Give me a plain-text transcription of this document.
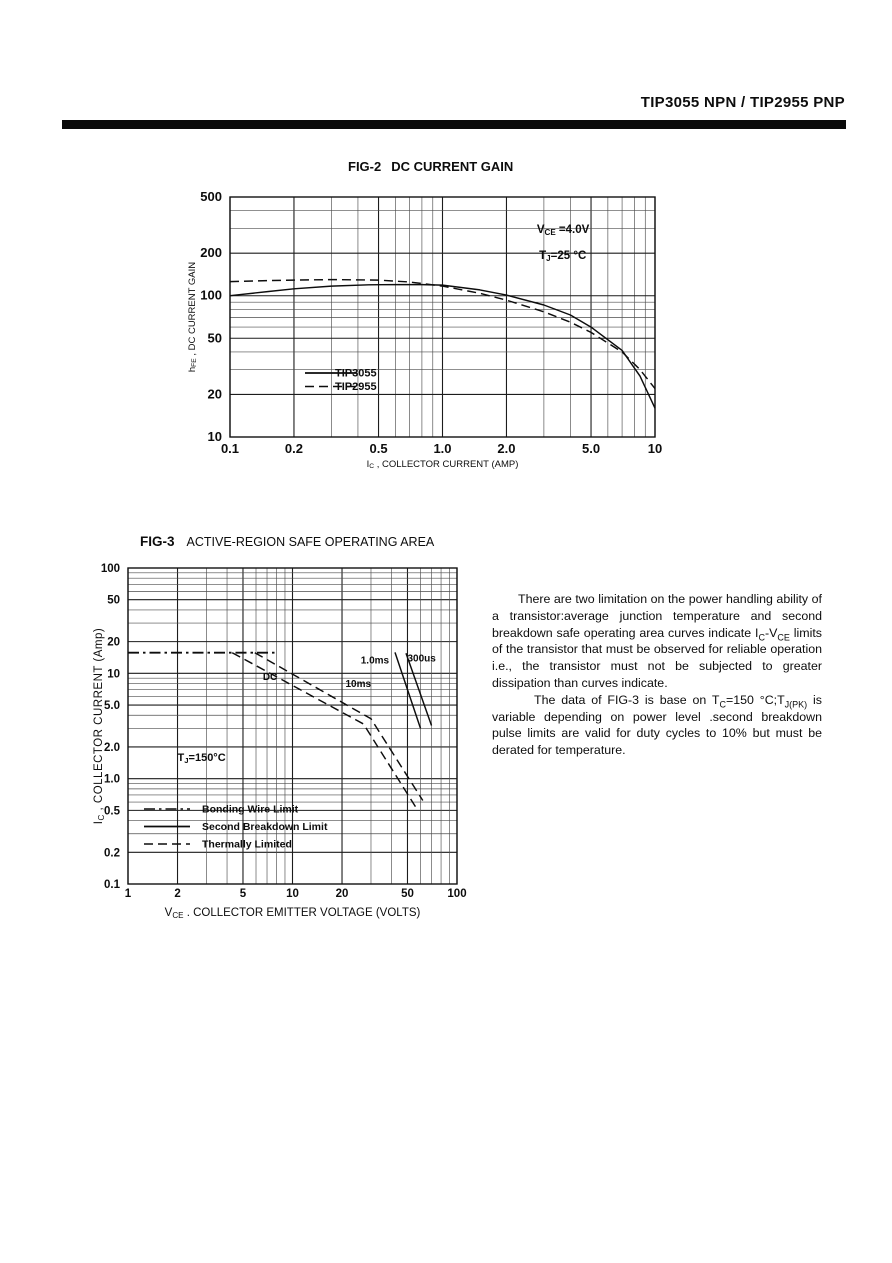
TIP3055 NPN / TIP2955 PNP
FIG-2 DC CURRENT GAIN
VCE =4.0V
TJ=25 °C
TIP3055
TIP2955
0.1	0.2	0.5	1.0	2.0	5.0	10
500
200
100
50
20
10
IC , COLLECTOR CURRENT (AMP)
hFE , DC CURRENT GAIN
FIG-3 ACTIVE-REGION SAFE OPERATING AREA
DC
10ms
1.0ms 300us
TJ=150°C
Bonding Wire Limit
Second Breakdown Limit
Thermally Limited
1	2	5	10	20	50	100
100
50
20
10
5.0
2.0
1.0
0.5
0.2
0.1
VCE . COLLECTOR EMITTER VOLTAGE (VOLTS)
IC , COLLECTOR CURRENT (Amp)

There are two limitation on the power handling ability of a transistor:average junction temperature and second breakdown safe operating area curves indicate $I_C-V_{CE}$ limits of the transistor that must be observed for reliable operation i.e., the transistor must not be subjected to greater dissipation than curves indicate.

The data of FIG-3 is base on $T_C=150$ $^\circ C;T_{J(PK)}$ is variable depending on power level .second breakdown pulse limits are valid for duty cycles to 10% but must be derated for temperature.
